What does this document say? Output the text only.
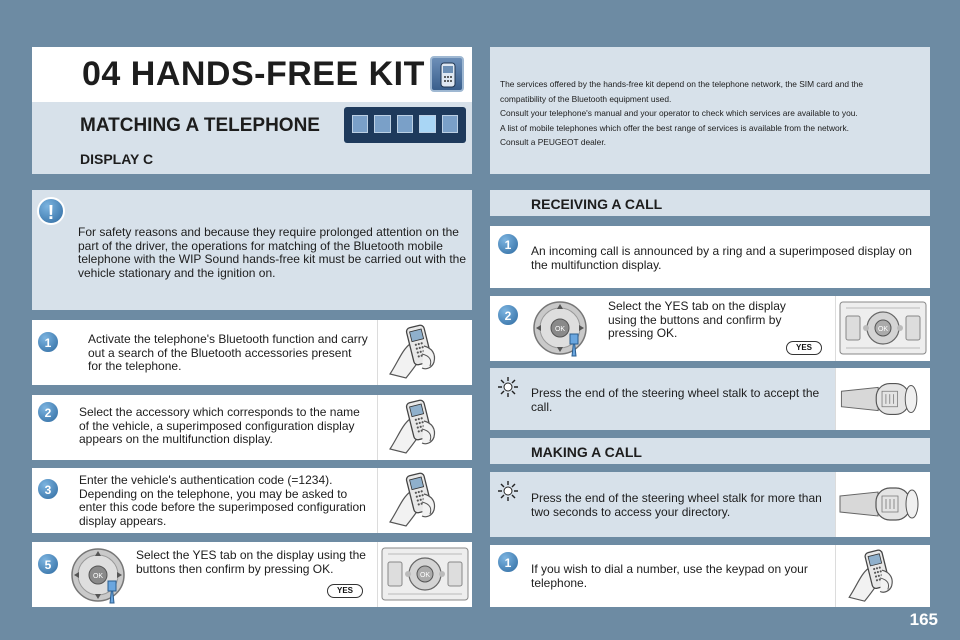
04 HANDS-FREE KIT
MATCHING A TELEPHONE
DISPLAY C

The services offered by the hands-free kit depend on the telephone network, the SIM card and the

compatibility of the Bluetooth equipment used.

Consult your telephone's manual and your operator to check which services are available to you.

A list of mobile telephones which offer the best range of services is available from the network.

Consult a PEUGEOT dealer.

!
For safety reasons and because they require prolonged attention on the part of the driver, the operations for matching of the Bluetooth mobile telephone with the WIP Sound hands-free kit must be carried out with the vehicle stationary and the ignition on.
1	Activate the telephone's Bluetooth function and carry out a search of the Bluetooth accessories present for the telephone.
2	Select the accessory which corresponds to the name of the vehicle, a superimposed configuration display appears on the multifunction display.
3
Enter the vehicle's authentication code (=1234). Depending on the telephone, you may be asked to enter this code before the superimposed configuration display appears.
5
Select the YES tab on the display using the buttons then confirm by pressing OK.
YES
RECEIVING A CALL
1	An incoming call is announced by a ring and a superimposed display on the multifunction display.
2
Select the YES tab on the display using the buttons and confirm by pressing OK.
YES
Press the end of the steering wheel stalk to accept the call.
MAKING A CALL
Press the end of the steering wheel stalk for more than two seconds to access your directory.
1	If you wish to dial a number, use the keypad on your telephone.
165
